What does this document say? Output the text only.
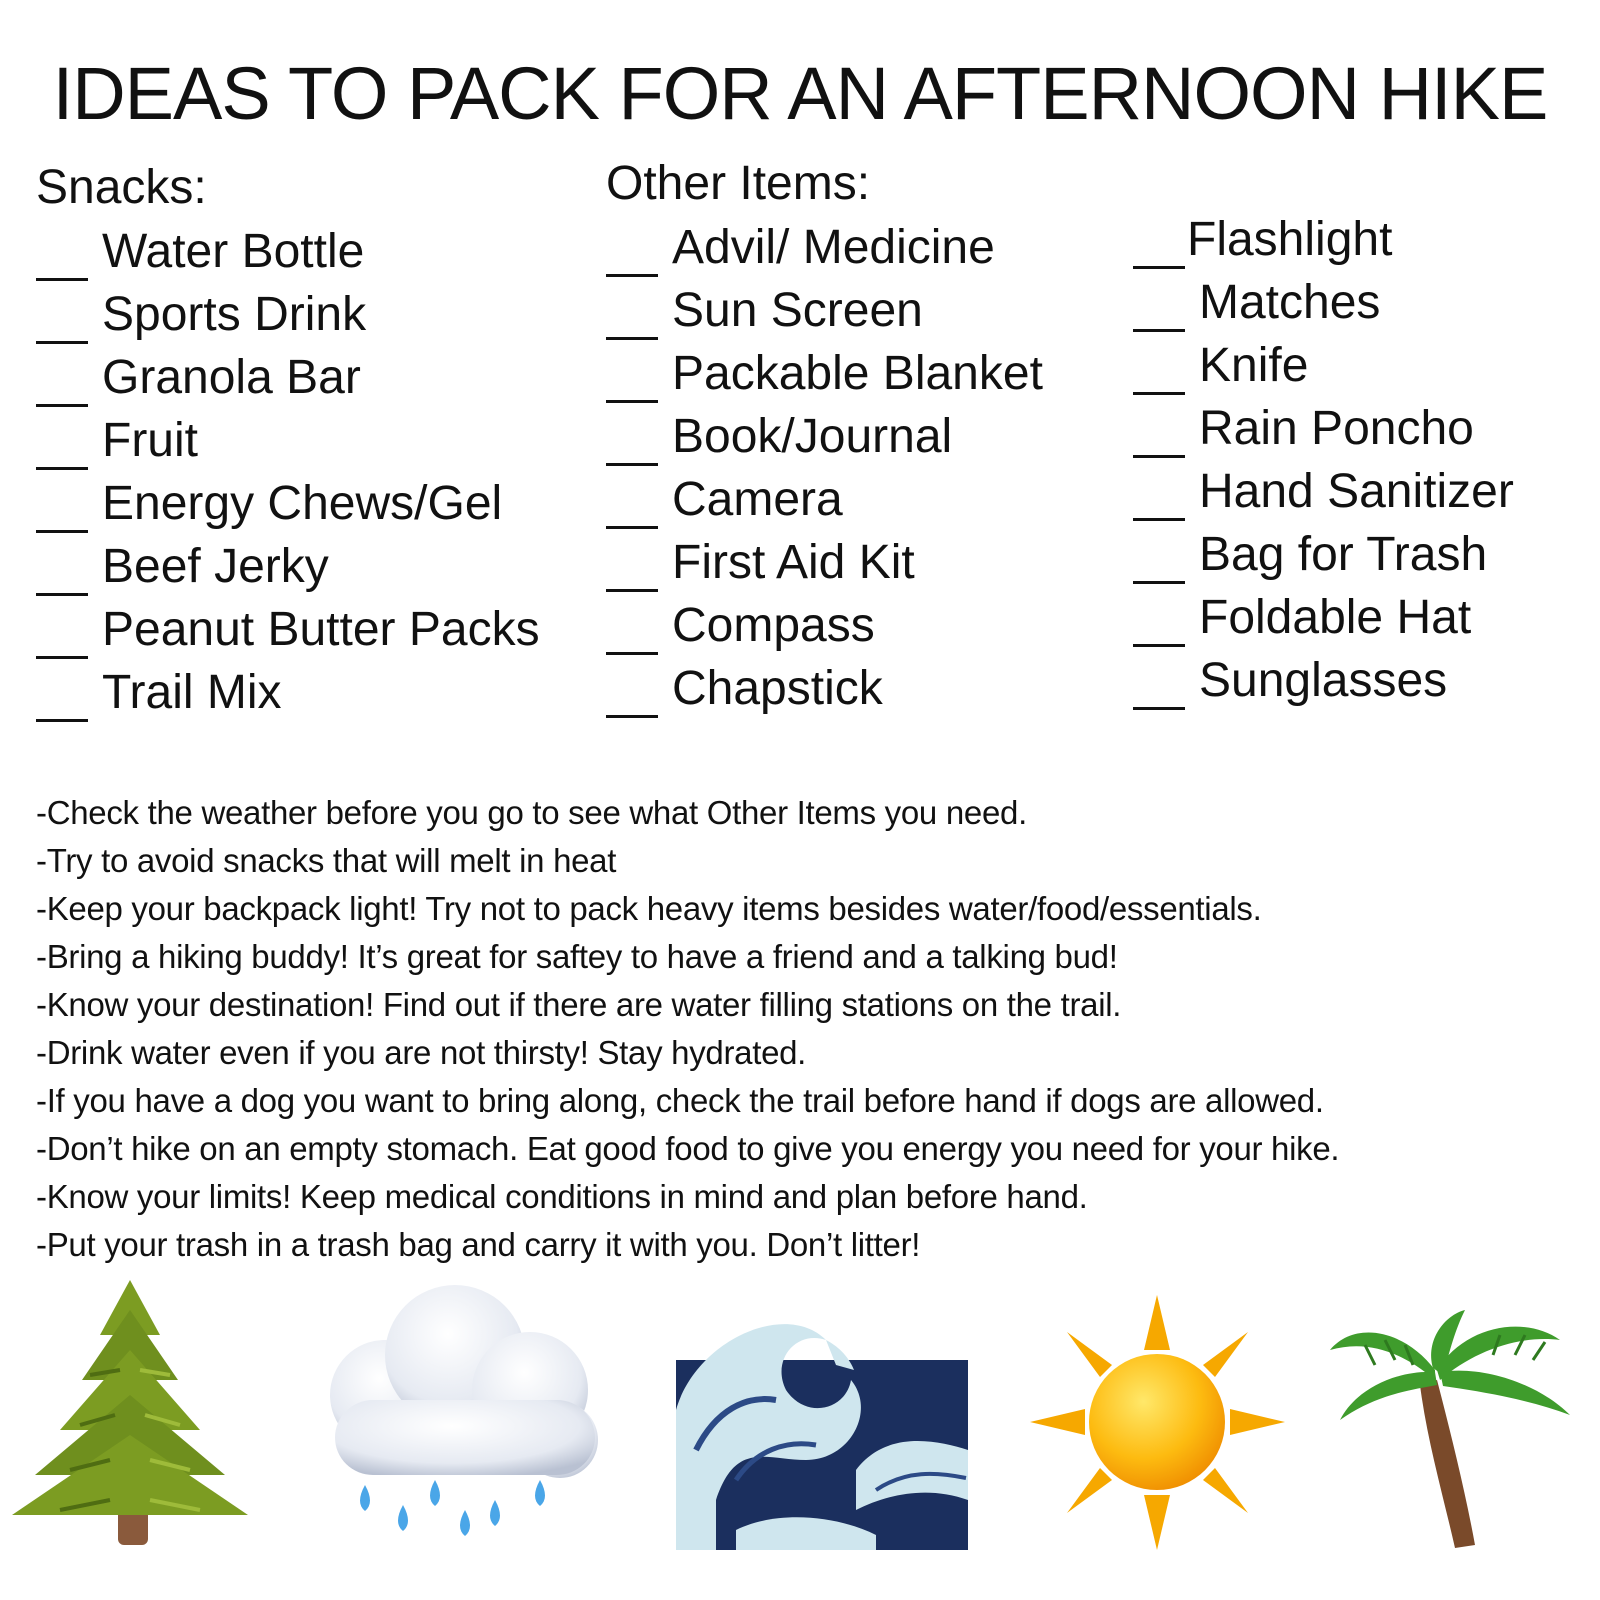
IDEAS TO PACK FOR AN AFTERNOON HIKE
Snacks:
Water Bottle
Sports Drink
Granola Bar
Fruit
Energy Chews/Gel
Beef Jerky
Peanut Butter Packs
Trail Mix
Other Items:
Advil/ Medicine
Sun Screen
Packable Blanket
Book/Journal
Camera
First Aid Kit
Compass
Chapstick
Flashlight
Matches
Knife
Rain Poncho
Hand Sanitizer
Bag for Trash
Foldable Hat
Sunglasses
-Check the weather before you go to see what Other Items you need.
-Try to avoid snacks that will melt in heat
-Keep your backpack light! Try not to pack heavy items besides water/food/essentials.
-Bring a hiking buddy! It’s great for saftey to have a friend and a talking bud!
-Know your destination! Find out if there are water filling stations on the trail.
-Drink water even if you are not thirsty! Stay hydrated.
-If you have a dog you want to bring along, check the trail before hand if dogs are allowed.
-Don’t hike on an empty stomach. Eat good food to give you energy you need for your hike.
-Know your limits! Keep medical conditions in mind and plan before hand.
-Put your trash in a trash bag and carry it with you. Don’t litter!
